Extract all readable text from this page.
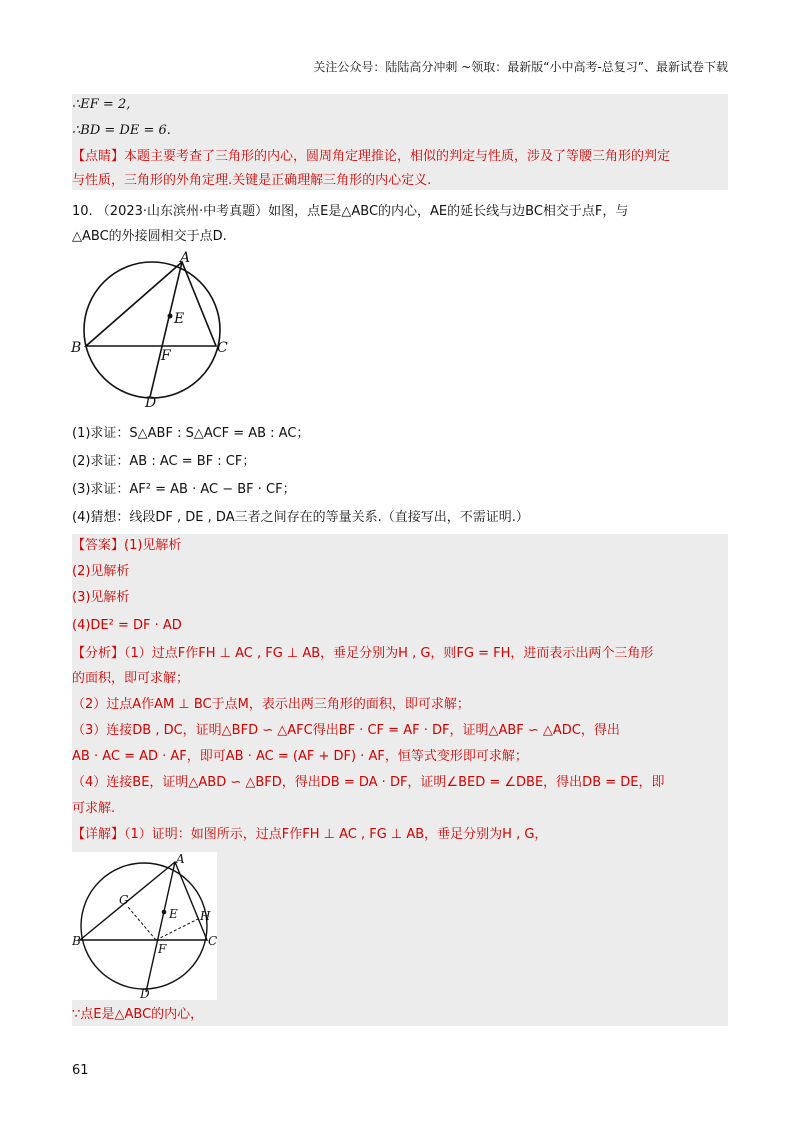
关注公众号：陆陆高分冲刺 ~领取：最新版“小中高考-总复习”、最新试卷下载
∴EF = 2,
∴BD = DE = 6.
【点睛】本题主要考查了三角形的内心，圆周角定理推论，相似的判定与性质，涉及了等腰三角形的判定
与性质，三角形的外角定理.关键是正确理解三角形的内心定义.
10. （2023·山东滨州·中考真题）如图，点E是△ABC的内心，AE的延长线与边BC相交于点F，与
△ABC的外接圆相交于点D.
A
B	C
D
E
F
(1)求证：S△ABF : S△ACF = AB : AC；
(2)求证：AB : AC = BF : CF；
(3)求证：AF² = AB · AC − BF · CF；
(4)猜想：线段DF , DE , DA三者之间存在的等量关系.（直接写出，不需证明.）
【答案】(1)见解析
(2)见解析
(3)见解析
(4)DE² = DF · AD
【分析】（1）过点F作FH ⊥ AC , FG ⊥ AB，垂足分别为H , G，则FG = FH，进而表示出两个三角形
的面积，即可求解；
（2）过点A作AM ⊥ BC于点M，表示出两三角形的面积，即可求解；
（3）连接DB , DC，证明△BFD ∽ △AFC得出BF · CF = AF · DF，证明△ABF ∽ △ADC，得出
AB · AC = AD · AF，即可AB · AC = (AF + DF) · AF，恒等式变形即可求解；
（4）连接BE，证明△ABD ∽ △BFD，得出DB = DA · DF，证明∠BED = ∠DBE，得出DB = DE，即
可求解.
【详解】（1）证明：如图所示，过点F作FH ⊥ AC , FG ⊥ AB，垂足分别为H , G，
A
B	C
D
E
F
G
H
∵点E是△ABC的内心，
61
